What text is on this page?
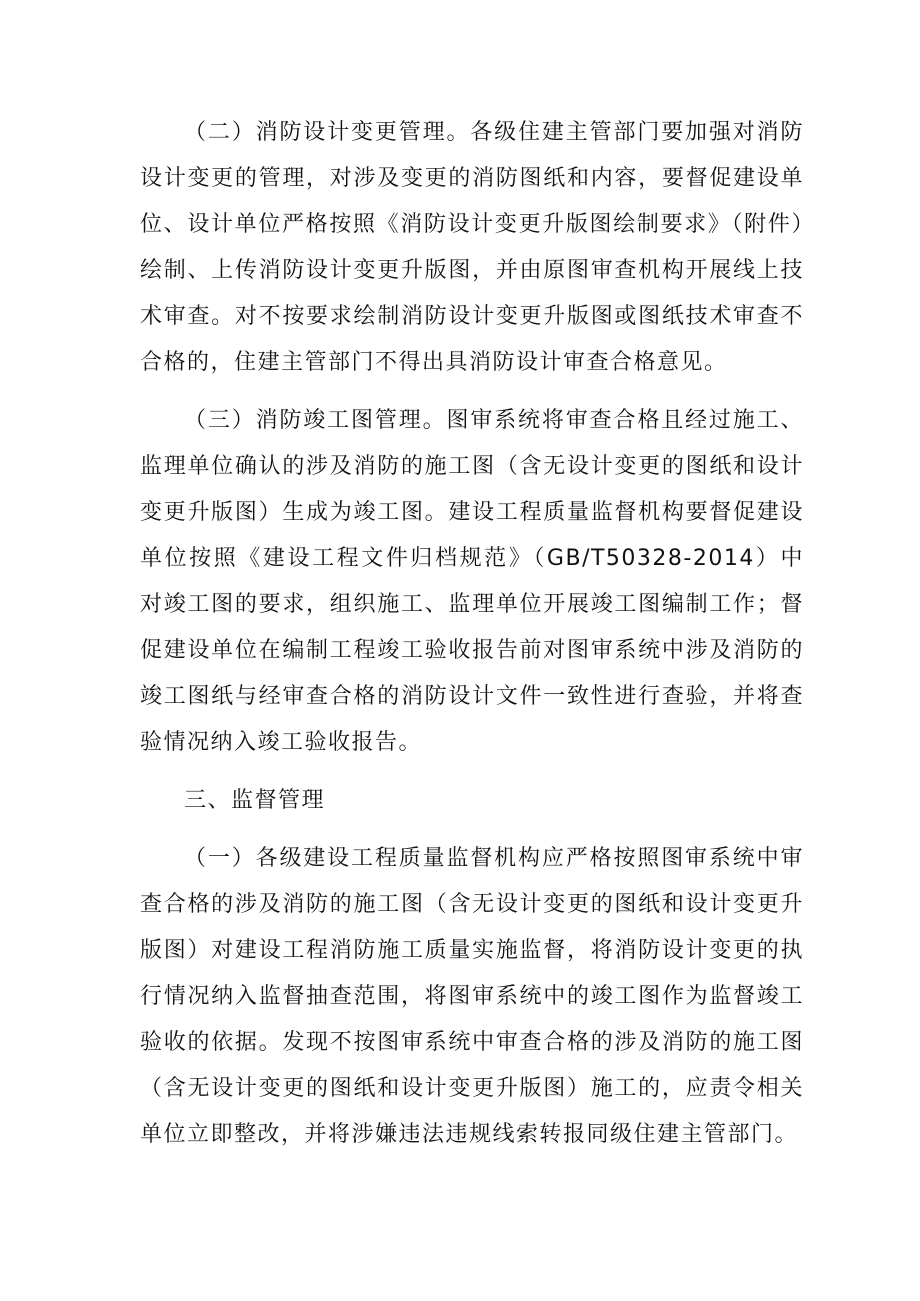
（二）消防设计变更管理。各级住建主管部门要加强对消防设计变更的管理，对涉及变更的消防图纸和内容，要督促建设单位、设计单位严格按照《消防设计变更升版图绘制要求》（附件）绘制、上传消防设计变更升版图，并由原图审查机构开展线上技术审查。对不按要求绘制消防设计变更升版图或图纸技术审查不合格的，住建主管部门不得出具消防设计审查合格意见。

（三）消防竣工图管理。图审系统将审查合格且经过施工、监理单位确认的涉及消防的施工图（含无设计变更的图纸和设计变更升版图）生成为竣工图。建设工程质量监督机构要督促建设单位按照《建设工程文件归档规范》（GB/T50328-2014）中对竣工图的要求，组织施工、监理单位开展竣工图编制工作；督促建设单位在编制工程竣工验收报告前对图审系统中涉及消防的竣工图纸与经审查合格的消防设计文件一致性进行查验，并将查验情况纳入竣工验收报告。

三、监督管理

（一）各级建设工程质量监督机构应严格按照图审系统中审查合格的涉及消防的施工图（含无设计变更的图纸和设计变更升版图）对建设工程消防施工质量实施监督，将消防设计变更的执行情况纳入监督抽查范围，将图审系统中的竣工图作为监督竣工验收的依据。发现不按图审系统中审查合格的涉及消防的施工图（含无设计变更的图纸和设计变更升版图）施工的，应责令相关单位立即整改，并将涉嫌违法违规线索转报同级住建主管部门。
